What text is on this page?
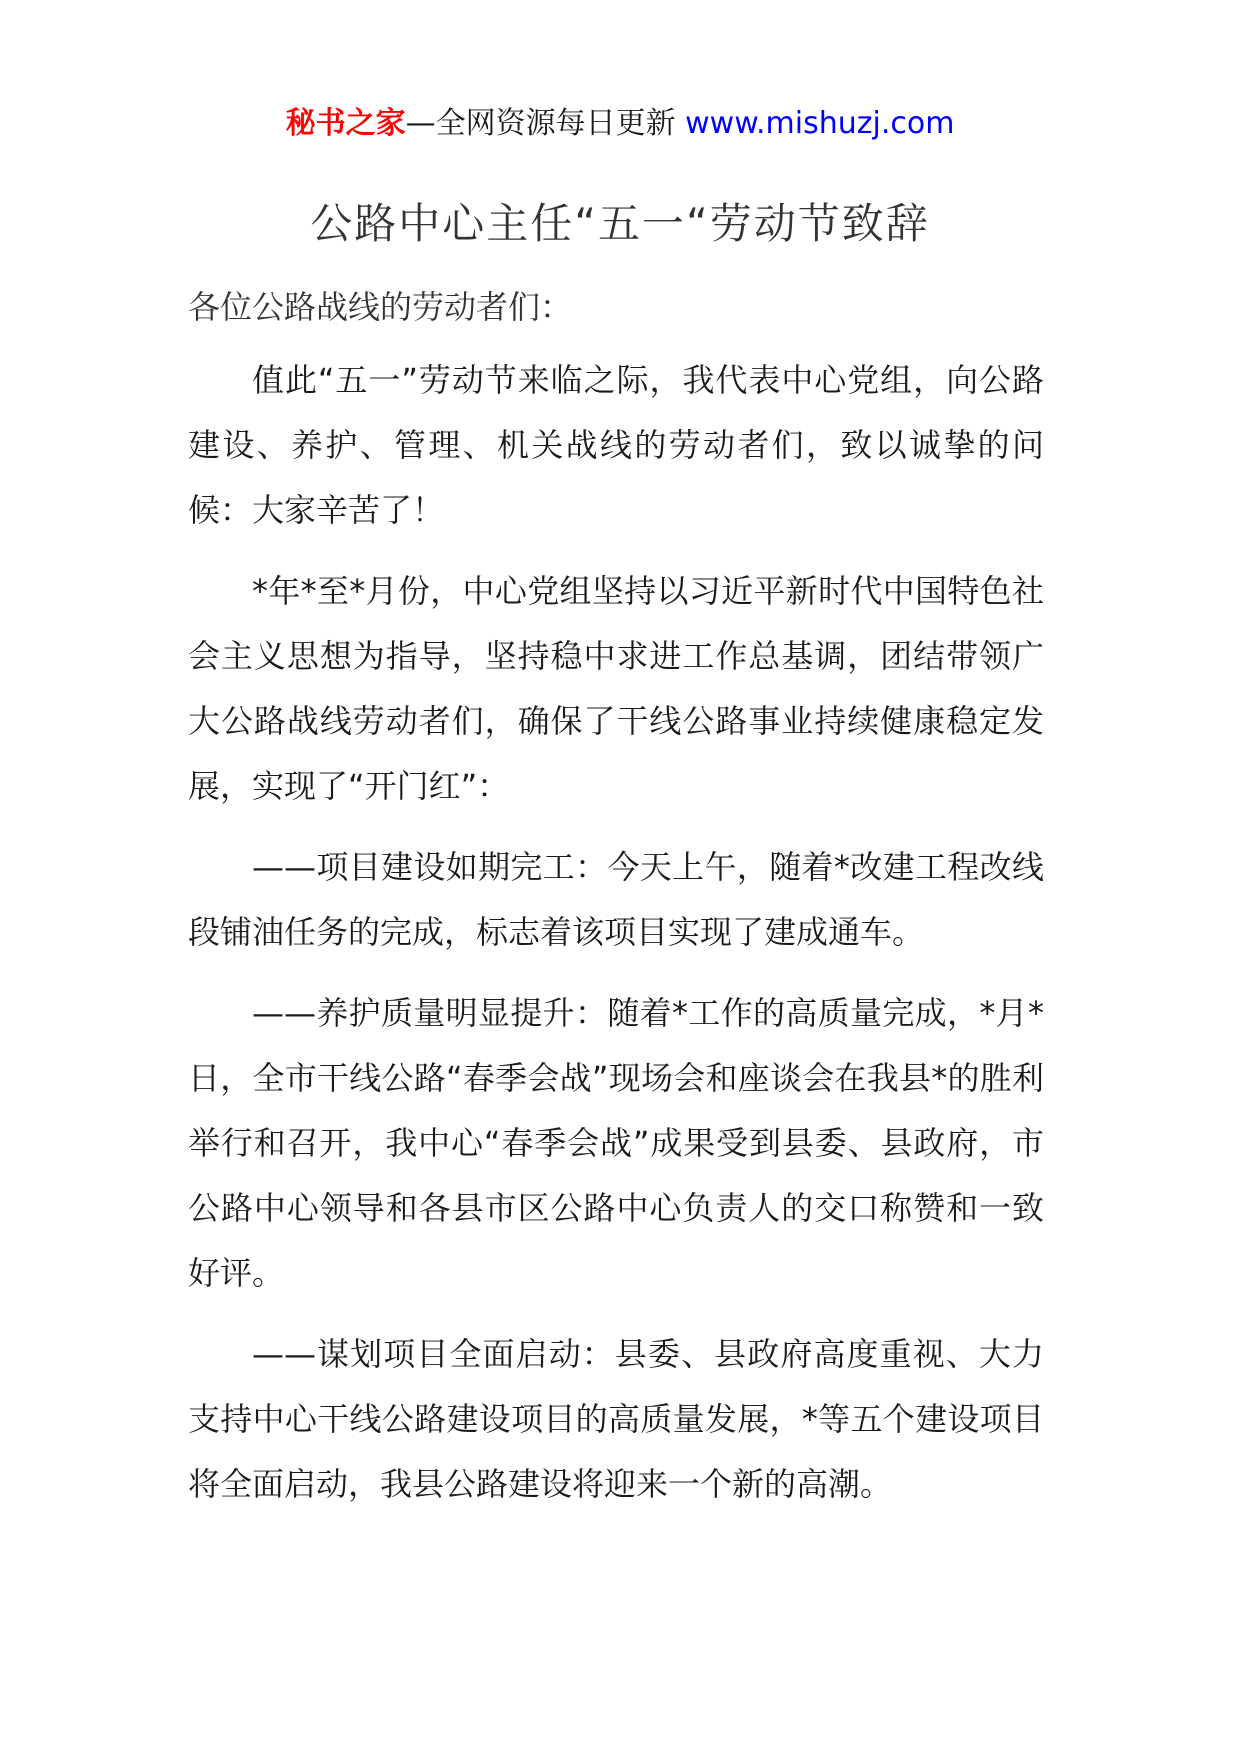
秘书之家—全网资源每日更新 www.mishuzj.com
公路中心主任“五一“劳动节致辞

各位公路战线的劳动者们：

值此“五一”劳动节来临之际，我代表中心党组，向公路建设、养护、管理、机关战线的劳动者们，致以诚挚的问候：大家辛苦了！

*年*至*月份，中心党组坚持以习近平新时代中国特色社会主义思想为指导，坚持稳中求进工作总基调，团结带领广大公路战线劳动者们，确保了干线公路事业持续健康稳定发展，实现了“开门红”：

——项目建设如期完工：今天上午，随着*改建工程改线段铺油任务的完成，标志着该项目实现了建成通车。

——养护质量明显提升：随着*工作的高质量完成，*月*日，全市干线公路“春季会战”现场会和座谈会在我县*的胜利举行和召开，我中心“春季会战”成果受到县委、县政府，市公路中心领导和各县市区公路中心负责人的交口称赞和一致好评。

——谋划项目全面启动：县委、县政府高度重视、大力支持中心干线公路建设项目的高质量发展，*等五个建设项目将全面启动，我县公路建设将迎来一个新的高潮。
